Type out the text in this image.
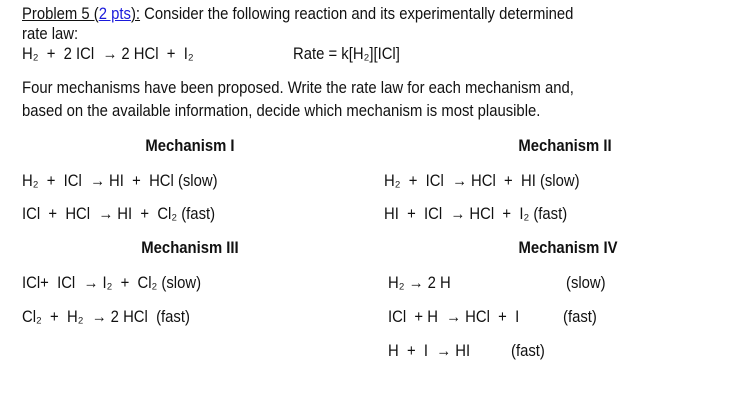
Problem 5 (2 pts): Consider the following reaction and its experimentally determined
rate law:
H₂  +  2 ICl  → 2 HCl  +  I₂	Rate = k[H₂][ICl]
Four mechanisms have been proposed. Write the rate law for each mechanism and,
based on the available information, decide which mechanism is most plausible.
Mechanism I
H₂  +  ICl  → HI  +  HCl (slow)
ICl  +  HCl  → HI  +  Cl₂ (fast)
Mechanism II
H₂  +  ICl  → HCl  +  HI (slow)
HI  +  ICl  → HCl  +  I₂ (fast)
Mechanism III
ICl+  ICl  → I₂  +  Cl₂ (slow)
Cl₂  +  H₂  → 2 HCl  (fast)
Mechanism IV
H₂ → 2 H	(slow)
ICl  + H  → HCl  +  I	(fast)
H  +  I  → HI (fast)
